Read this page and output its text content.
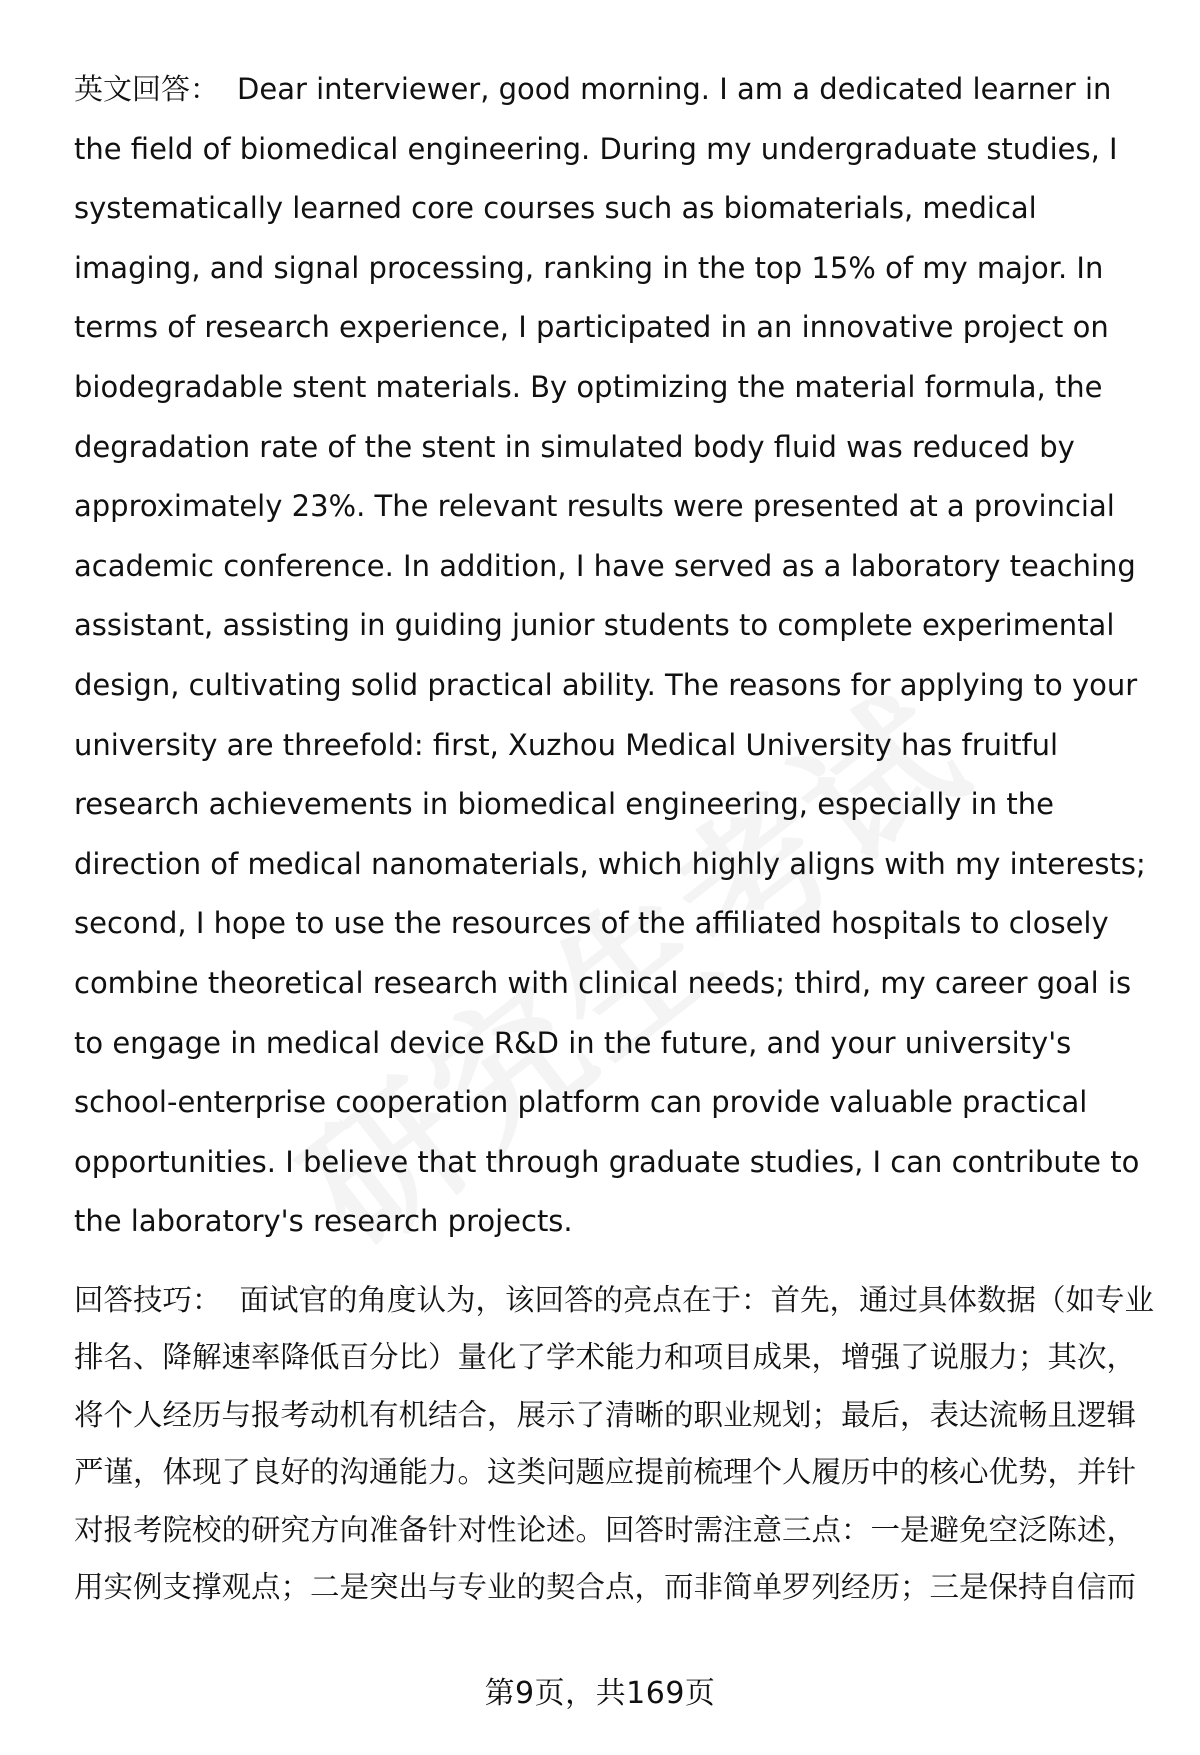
英文回答： Dear interviewer, good morning. I am a dedicated learner in the field of biomedical engineering. During my undergraduate studies, I systematically learned core courses such as biomaterials, medical imaging, and signal processing, ranking in the top 15% of my major. In terms of research experience, I participated in an innovative project on biodegradable stent materials. By optimizing the material formula, the degradation rate of the stent in simulated body fluid was reduced by approximately 23%. The relevant results were presented at a provincial academic conference. In addition, I have served as a laboratory teaching assistant, assisting in guiding junior students to complete experimental design, cultivating solid practical ability. The reasons for applying to your university are threefold: first, Xuzhou Medical University has fruitful research achievements in biomedical engineering, especially in the direction of medical nanomaterials, which highly aligns with my interests; second, I hope to use the resources of the affiliated hospitals to closely combine theoretical research with clinical needs; third, my career goal is to engage in medical device R&D in the future, and your university's school-enterprise cooperation platform can provide valuable practical opportunities. I believe that through graduate studies, I can contribute to the laboratory's research projects.

回答技巧： 面试官的角度认为，该回答的亮点在于：首先，通过具体数据（如专业排名、降解速率降低百分比）量化了学术能力和项目成果，增强了说服力；其次，将个人经历与报考动机有机结合，展示了清晰的职业规划；最后，表达流畅且逻辑严谨，体现了良好的沟通能力。这类问题应提前梳理个人履历中的核心优势，并针对报考院校的研究方向准备针对性论述。回答时需注意三点：一是避免空泛陈述，用实例支撑观点；二是突出与专业的契合点，而非简单罗列经历；三是保持自信而

第9页，共169页
